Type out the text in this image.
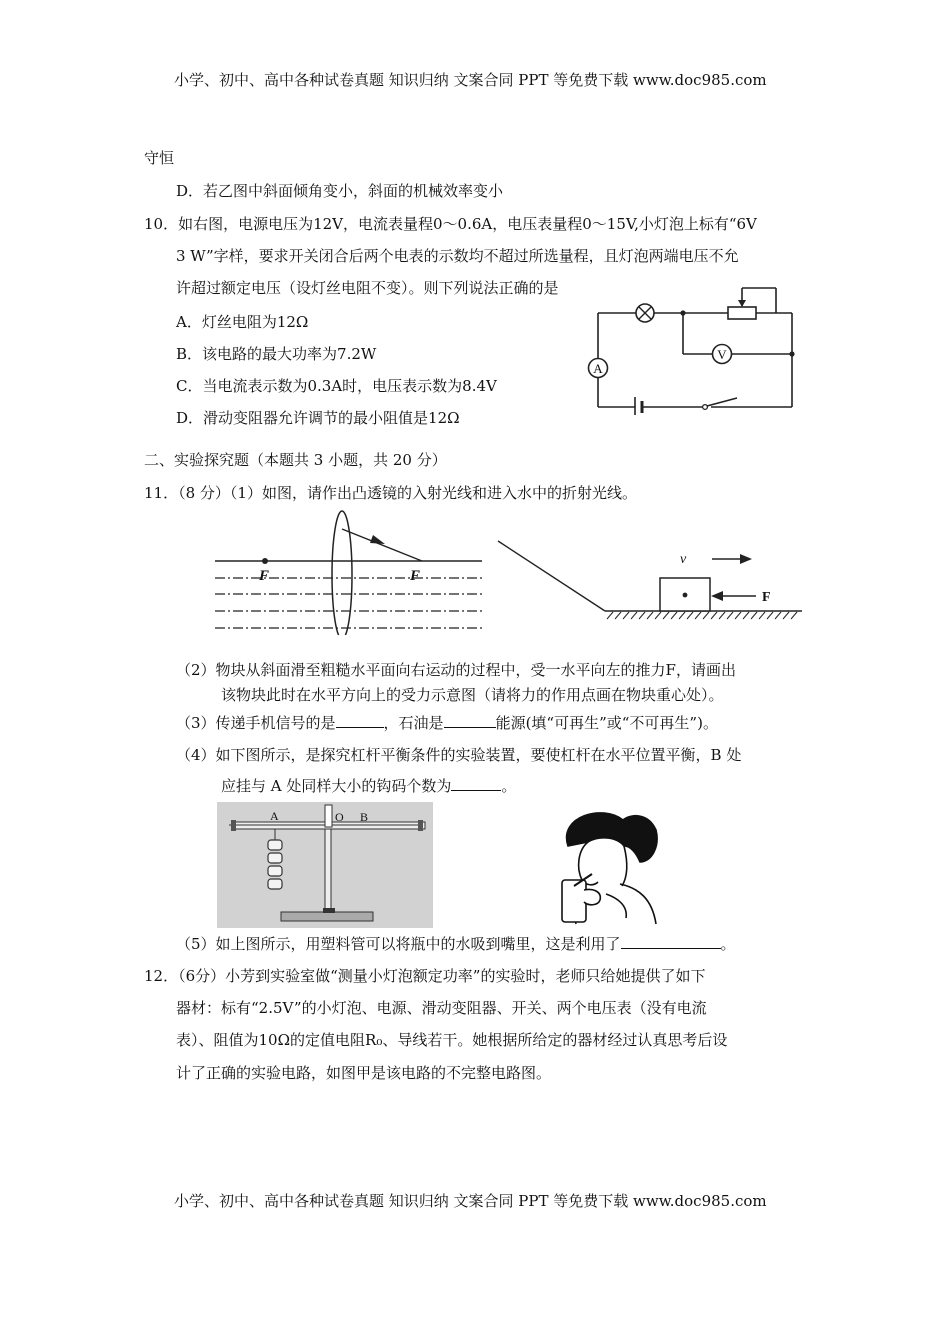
小学、初中、高中各种试卷真题 知识归纳 文案合同 PPT 等免费下载 www.doc985.com
守恒
D．若乙图中斜面倾角变小，斜面的机械效率变小
10．如右图，电源电压为12V，电流表量程0～0.6A，电压表量程0～15V,小灯泡上标有“6V
3 W”字样，要求开关闭合后两个电表的示数均不超过所选量程，且灯泡两端电压不允
许超过额定电压（设灯丝电阻不变）。则下列说法正确的是
A．灯丝电阻为12Ω
B．该电路的最大功率为7.2W
C．当电流表示数为0.3A时，电压表示数为8.4V
D．滑动变阻器允许调节的最小阻值是12Ω
V
A
二、实验探究题（本题共 3 小题，共 20 分）
11．（8 分）（1）如图，请作出凸透镜的入射光线和进入水中的折射光线。
F	F
v
F
（2）物块从斜面滑至粗糙水平面向右运动的过程中，受一水平向左的推力F，请画出
该物块此时在水平方向上的受力示意图（请将力的作用点画在物块重心处）。
（3）传递手机信号的是	，石油是	能源(填“可再生”或“不可再生”)。
（4）如下图所示，是探究杠杆平衡条件的实验装置，要使杠杆在水平位置平衡，B 处
应挂与 A 处同样大小的钩码个数为	。
A	O B
（5）如上图所示，用塑料管可以将瓶中的水吸到嘴里，这是利用了	。
12．（6分）小芳到实验室做“测量小灯泡额定功率”的实验时，老师只给她提供了如下
器材：标有“2.5V”的小灯泡、电源、滑动变阻器、开关、两个电压表（没有电流
表）、阻值为10Ω的定值电阻R₀、导线若干。她根据所给定的器材经过认真思考后设
计了正确的实验电路，如图甲是该电路的不完整电路图。
小学、初中、高中各种试卷真题 知识归纳 文案合同 PPT 等免费下载 www.doc985.com
